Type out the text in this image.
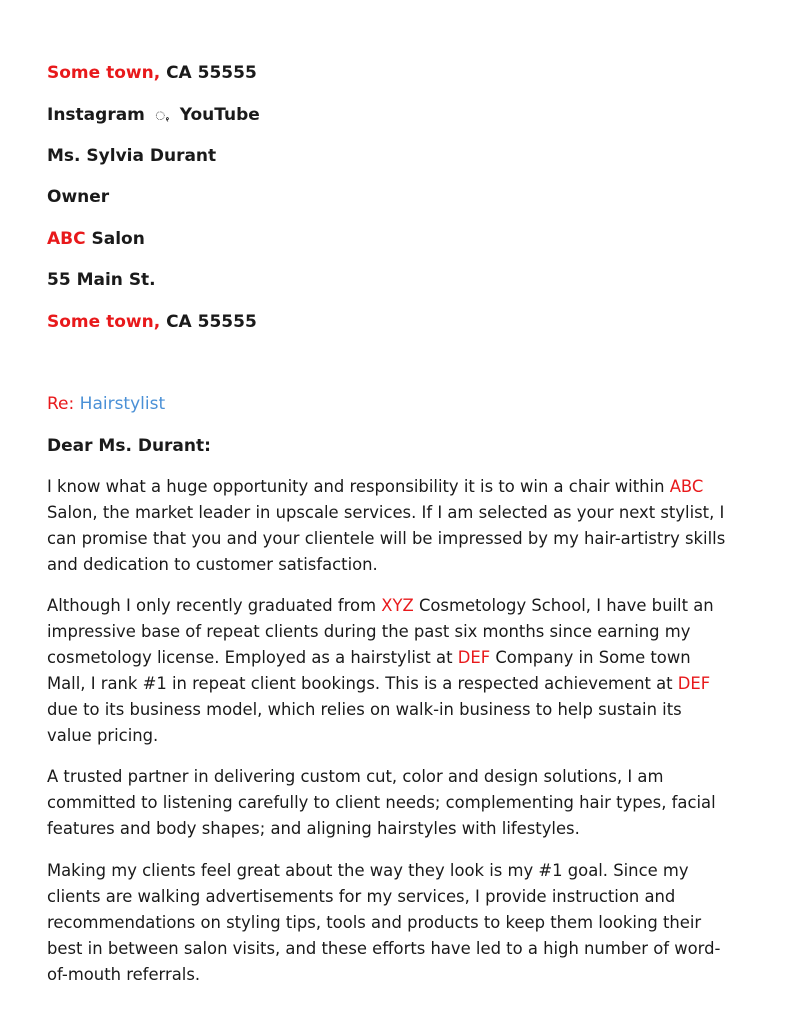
Some town, CA 55555
Instagram ꩻ YouTube
Ms. Sylvia Durant
Owner
ABC Salon
55 Main St.
Some town, CA 55555
Re: Hairstylist
Dear Ms. Durant:
I know what a huge opportunity and responsibility it is to win a chair within ABC
Salon, the market leader in upscale services. If I am selected as your next stylist, I
can promise that you and your clientele will be impressed by my hair-artistry skills
and dedication to customer satisfaction.
Although I only recently graduated from XYZ Cosmetology School, I have built an
impressive base of repeat clients during the past six months since earning my
cosmetology license. Employed as a hairstylist at DEF Company in Some town
Mall, I rank #1 in repeat client bookings. This is a respected achievement at DEF
due to its business model, which relies on walk-in business to help sustain its
value pricing.
A trusted partner in delivering custom cut, color and design solutions, I am
committed to listening carefully to client needs; complementing hair types, facial
features and body shapes; and aligning hairstyles with lifestyles.
Making my clients feel great about the way they look is my #1 goal. Since my
clients are walking advertisements for my services, I provide instruction and
recommendations on styling tips, tools and products to keep them looking their
best in between salon visits, and these efforts have led to a high number of word-
of-mouth referrals.
